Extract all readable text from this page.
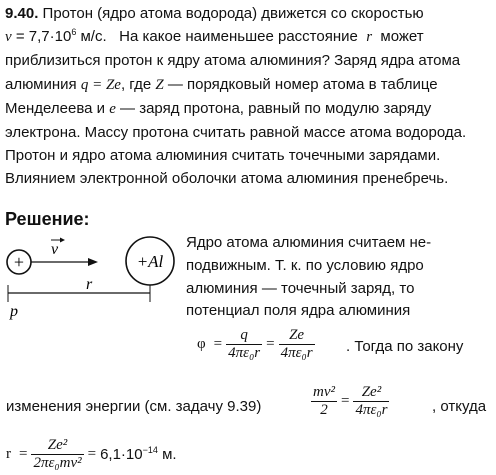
9.40. Протон (ядро атома водорода) движется со скоростью
$v = 7,7\cdot 10^6$ м/с. На какое наименьшее расстояние r может
приблизиться протон к ядру атома алюминия? Заряд ядра атома
алюминия q = Ze, где Z — порядковый номер атома в таблице
Менделеева и e — заряд протона, равный по модулю заряду
электрона. Массу протона считать равной массе атома водорода.
Протон и ядро атома алюминия считать точечными зарядами.
Влиянием электронной оболочки атома алюминия пренебречь.
Решение:
+
v
+Al
p
r
Ядро атома алюминия считаем не-
подвижным. Т. к. по условию ядро
алюминия — точечный заряд, то
потенциал поля ядра алюминия
$\varphi = \frac{q}{\text{4πε₀r}} = \frac{Ze}{\text{4πε₀r}}$ . Тогда по закону
изменения энергии (см. задачу 9.39)	$\frac{\text{mv²}}{2} = \frac{\text{Ze²}}{\text{4πε₀r}}$	, откуда
$r = \frac{\text{Ze²}}{\text{2πε₀mv²}} = 6,1\cdot 10^{-14}$ м.
